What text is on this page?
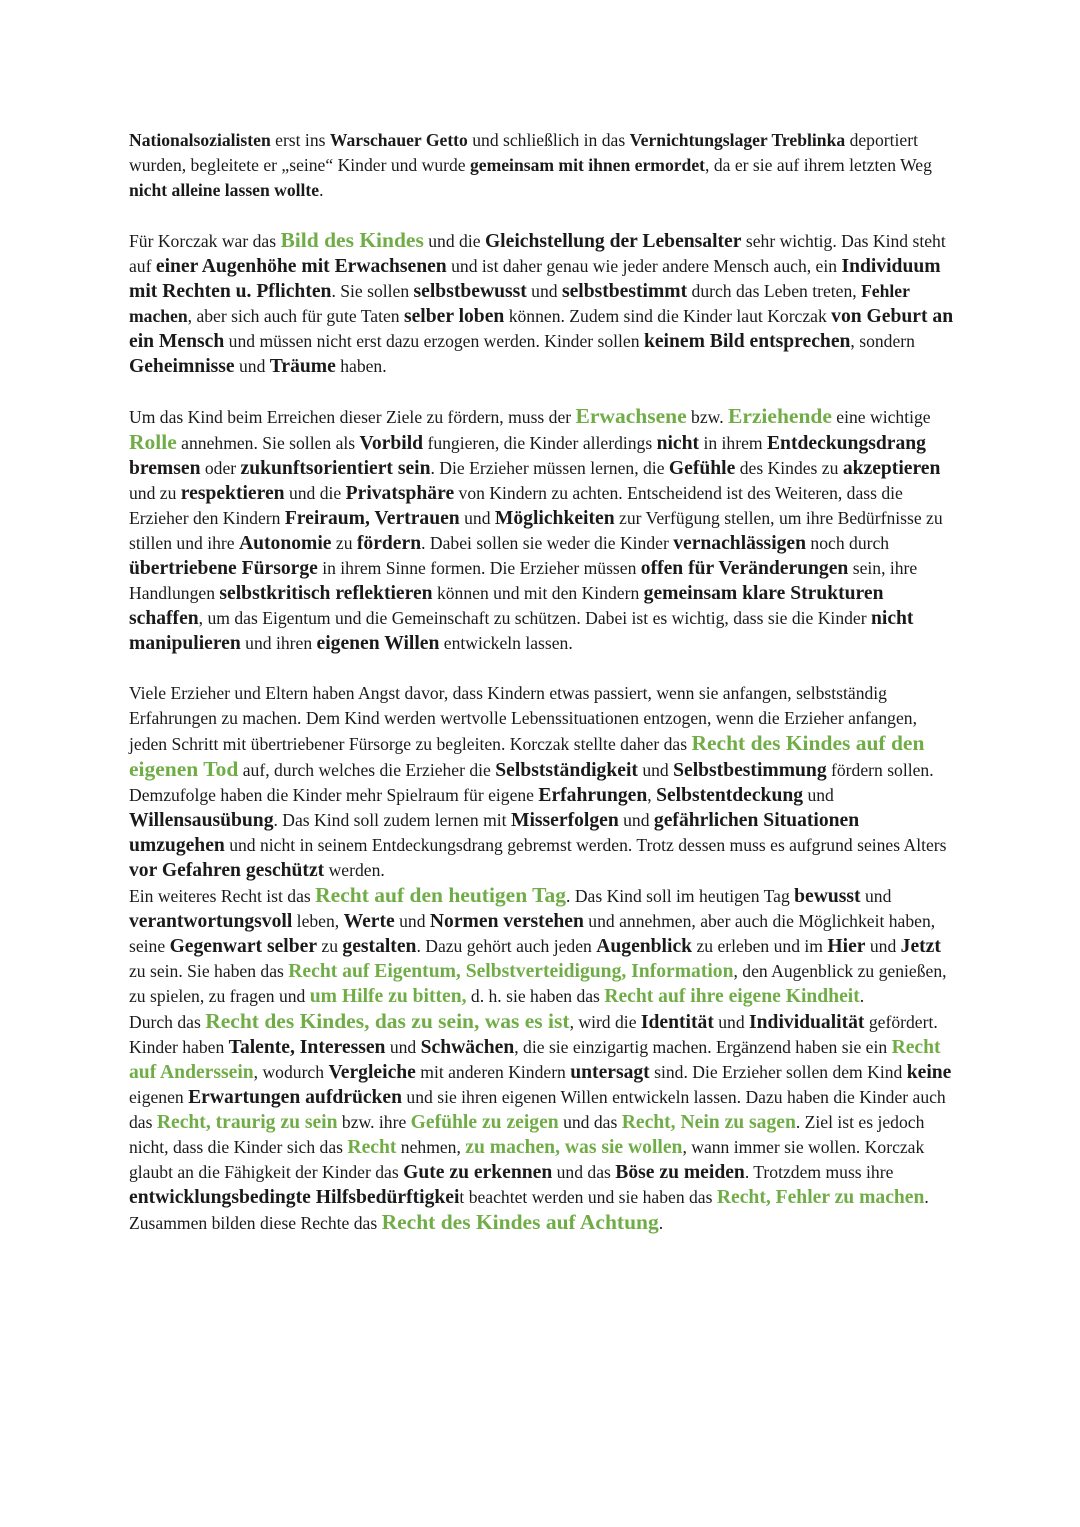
Nationalsozialisten erst ins Warschauer Getto und schließlich in das Vernichtungslager Treblinka deportiert wurden, begleitete er „seine“ Kinder und wurde gemeinsam mit ihnen ermordet, da er sie auf ihrem letzten Weg nicht alleine lassen wollte.

Für Korczak war das Bild des Kindes und die Gleichstellung der Lebensalter sehr wichtig. Das Kind steht auf einer Augenhöhe mit Erwachsenen und ist daher genau wie jeder andere Mensch auch, ein Individuum mit Rechten u. Pflichten. Sie sollen selbstbewusst und selbstbestimmt durch das Leben treten, Fehler machen, aber sich auch für gute Taten selber loben können. Zudem sind die Kinder laut Korczak von Geburt an ein Mensch und müssen nicht erst dazu erzogen werden. Kinder sollen keinem Bild entsprechen, sondern Geheimnisse und Träume haben.

Um das Kind beim Erreichen dieser Ziele zu fördern, muss der Erwachsene bzw. Erziehende eine wichtige Rolle annehmen. Sie sollen als Vorbild fungieren, die Kinder allerdings nicht in ihrem Entdeckungsdrang bremsen oder zukunftsorientiert sein. Die Erzieher müssen lernen, die Gefühle des Kindes zu akzeptieren und zu respektieren und die Privatsphäre von Kindern zu achten. Entscheidend ist des Weiteren, dass die Erzieher den Kindern Freiraum, Vertrauen und Möglichkeiten zur Verfügung stellen, um ihre Bedürfnisse zu stillen und ihre Autonomie zu fördern. Dabei sollen sie weder die Kinder vernachlässigen noch durch übertriebene Fürsorge in ihrem Sinne formen. Die Erzieher müssen offen für Veränderungen sein, ihre Handlungen selbstkritisch reflektieren können und mit den Kindern gemeinsam klare Strukturen schaffen, um das Eigentum und die Gemeinschaft zu schützen. Dabei ist es wichtig, dass sie die Kinder nicht manipulieren und ihren eigenen Willen entwickeln lassen.

Viele Erzieher und Eltern haben Angst davor, dass Kindern etwas passiert, wenn sie anfangen, selbstständig Erfahrungen zu machen. Dem Kind werden wertvolle Lebenssituationen entzogen, wenn die Erzieher anfangen, jeden Schritt mit übertriebener Fürsorge zu begleiten. Korczak stellte daher das Recht des Kindes auf den eigenen Tod auf, durch welches die Erzieher die Selbstständigkeit und Selbstbestimmung fördern sollen. Demzufolge haben die Kinder mehr Spielraum für eigene Erfahrungen, Selbstentdeckung und Willensausübung. Das Kind soll zudem lernen mit Misserfolgen und gefährlichen Situationen umzugehen und nicht in seinem Entdeckungsdrang gebremst werden. Trotz dessen muss es aufgrund seines Alters vor Gefahren geschützt werden.

Ein weiteres Recht ist das Recht auf den heutigen Tag. Das Kind soll im heutigen Tag bewusst und verantwortungsvoll leben, Werte und Normen verstehen und annehmen, aber auch die Möglichkeit haben, seine Gegenwart selber zu gestalten. Dazu gehört auch jeden Augenblick zu erleben und im Hier und Jetzt zu sein. Sie haben das Recht auf Eigentum, Selbstverteidigung, Information, den Augenblick zu genießen, zu spielen, zu fragen und um Hilfe zu bitten, d. h. sie haben das Recht auf ihre eigene Kindheit.

Durch das Recht des Kindes, das zu sein, was es ist, wird die Identität und Individualität gefördert. Kinder haben Talente, Interessen und Schwächen, die sie einzigartig machen. Ergänzend haben sie ein Recht auf Anderssein, wodurch Vergleiche mit anderen Kindern untersagt sind. Die Erzieher sollen dem Kind keine eigenen Erwartungen aufdrücken und sie ihren eigenen Willen entwickeln lassen. Dazu haben die Kinder auch das Recht, traurig zu sein bzw. ihre Gefühle zu zeigen und das Recht, Nein zu sagen. Ziel ist es jedoch nicht, dass die Kinder sich das Recht nehmen, zu machen, was sie wollen, wann immer sie wollen. Korczak glaubt an die Fähigkeit der Kinder das Gute zu erkennen und das Böse zu meiden. Trotzdem muss ihre entwicklungsbedingte Hilfsbedürftigkeit beachtet werden und sie haben das Recht, Fehler zu machen.

Zusammen bilden diese Rechte das Recht des Kindes auf Achtung.
